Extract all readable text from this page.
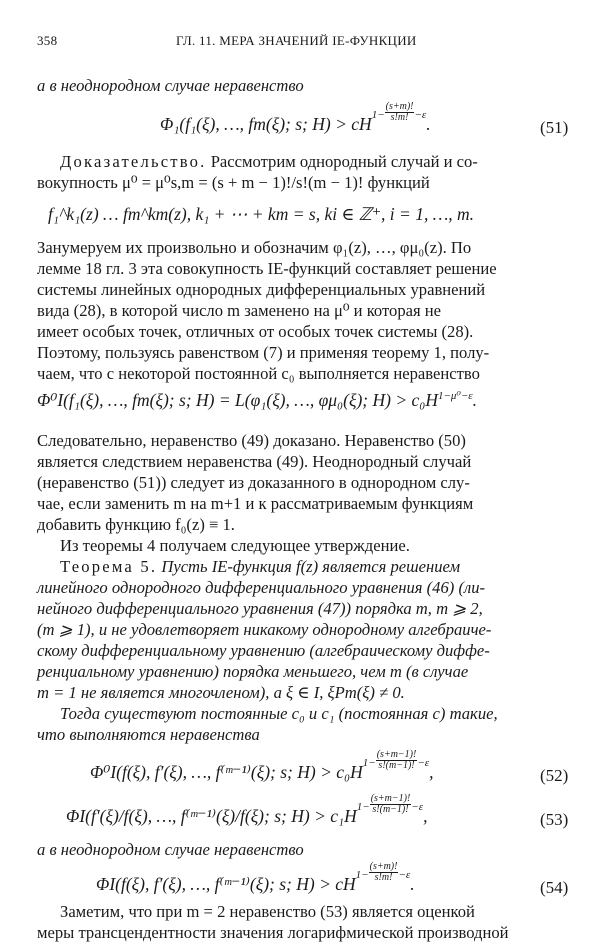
358	ГЛ. 11. МЕРА ЗНАЧЕНИЙ IE-ФУНКЦИИ
а в неоднородном случае неравенство
Φ₁(f₁(ξ), …, fm(ξ); s; $H) > cH^{1- \frac{(s+m)!}{s!m!} -\varepsilon}$.	(51)
Доказательство. Рассмотрим однородный случай и со-
вокупность μ⁰ = μ⁰s,m = (s + m − 1)!/s!(m − 1)! функций
f₁^k₁(z) … fm^km(z), k₁ + ⋯ + km = s, ki ∈ ℤ⁺, i = 1, …, m.
Занумеруем их произвольно и обозначим φ₁(z), …, φμ₀(z). По
лемме 18 гл. 3 эта совокупность IE-функций составляет решение
системы линейных однородных дифференциальных уравнений
вида (28), в которой число m заменено на μ⁰ и которая не
имеет особых точек, отличных от особых точек системы (28).
Поэтому, пользуясь равенством (7) и применяя теорему 1, полу-
чаем, что с некоторой постоянной c₀ выполняется неравенство
Φ⁰I(f₁(ξ), …, fm(ξ); s; H) = L(φ₁(ξ), …, φμ₀(ξ); $H) > c_0H^{1-\mu^0-\varepsilon}$.
Следовательно, неравенство (49) доказано. Неравенство (50)
является следствием неравенства (49). Неоднородный случай
(неравенство (51)) следует из доказанного в однородном слу-
чае, если заменить m на m+1 и к рассматриваемым функциям
добавить функцию f₀(z) ≡ 1.
Из теоремы 4 получаем следующее утверждение.
Теорема 5. Пусть IE-функция f(z) является решением
линейного однородного дифференциального уравнения (46) (ли-
нейного дифференциального уравнения (47)) порядка m, m ⩾ 2,
(m ⩾ 1), и не удовлетворяет никакому однородному алгебраиче-
скому дифференциальному уравнению (алгебраическому диффе-
ренциальному уравнению) порядка меньшего, чем m (в случае
m = 1 не является многочленом), а ξ ∈ I, ξPm(ξ) ≠ 0.
Тогда существуют постоянные c₀ и c₁ (постоянная c) такие,
что выполняются неравенства
Φ⁰I(f(ξ), f′(ξ), …, f⁽ᵐ⁻¹⁾(ξ); s; $H) > c_0H^{1- \frac{(s+m-1)!}{s!(m-1)!} -\varepsilon}$,	(52)
ΦI(f′(ξ)/f(ξ), …, f⁽ᵐ⁻¹⁾(ξ)/f(ξ); s; $H) > c_1H^{1- \frac{(s+m-1)!}{s!(m-1)!} -\varepsilon}$,	(53)
а в неоднородном случае неравенство
ΦI(f(ξ), f′(ξ), …, f⁽ᵐ⁻¹⁾(ξ); s; $H) > cH^{1- \frac{(s+m)!}{s!m!} -\varepsilon}$.	(54)
Заметим, что при m = 2 неравенство (53) является оценкой
меры трансцендентности значения логарифмической производной
